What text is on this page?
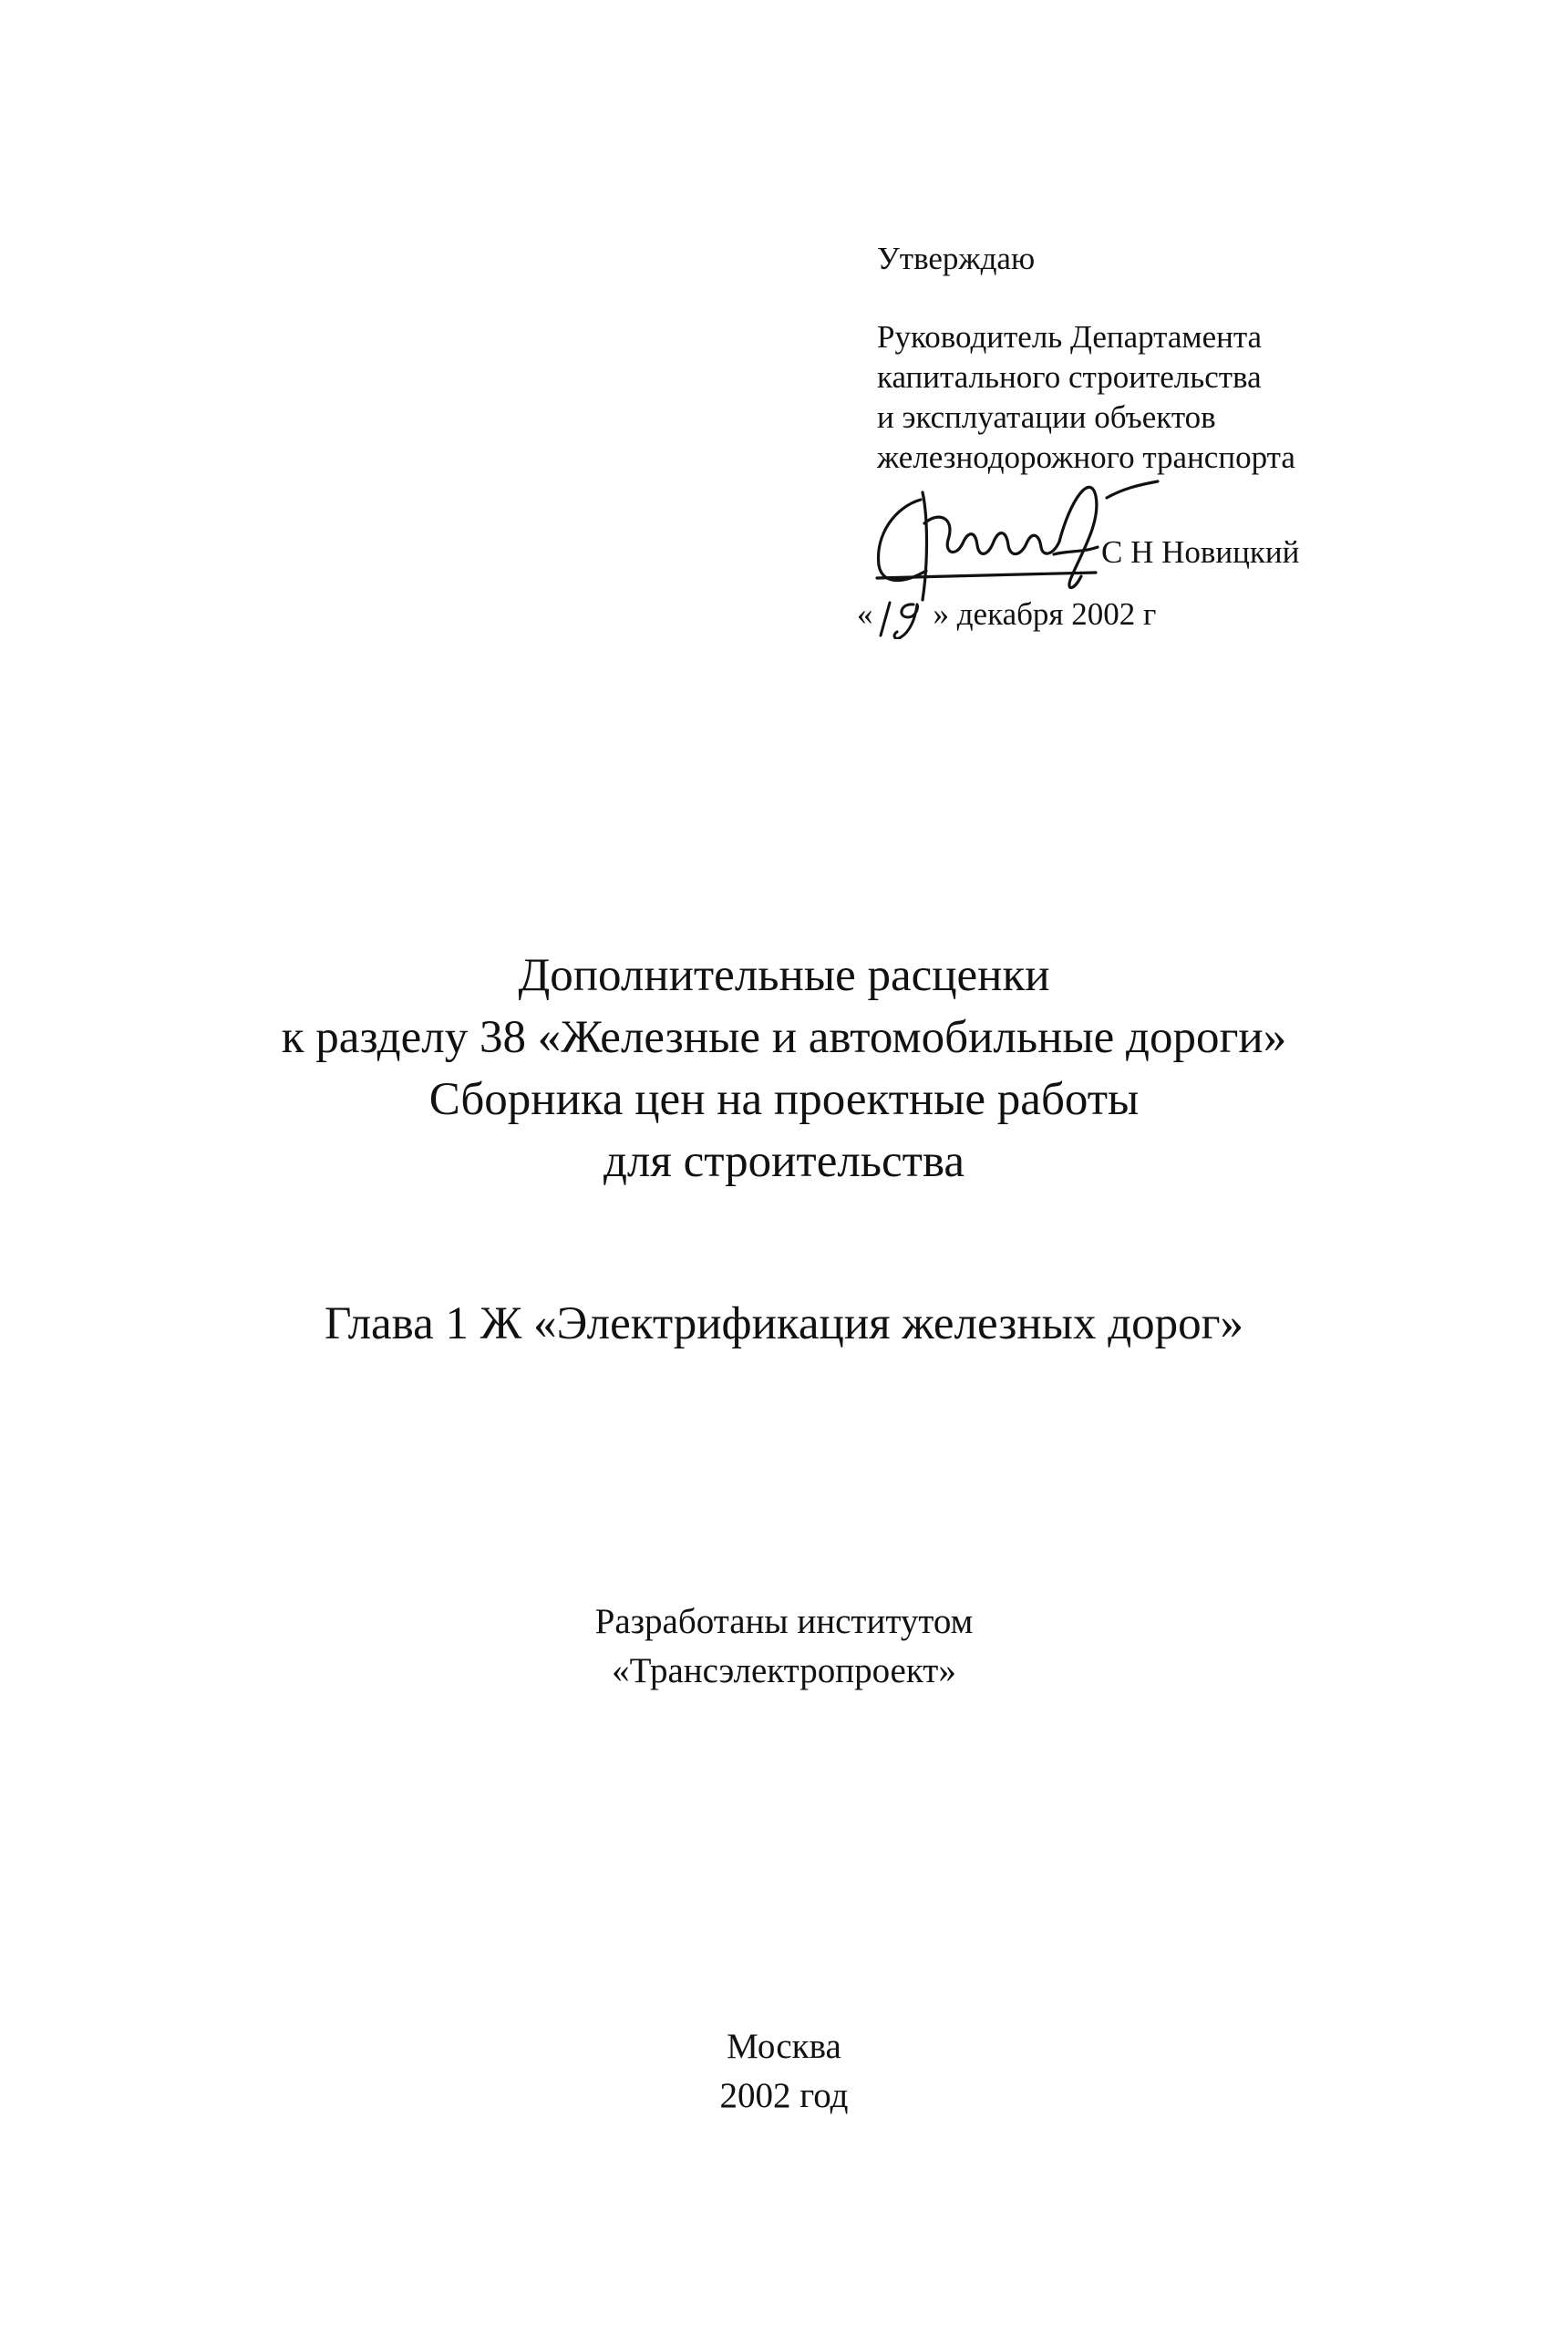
Утверждаю
Руководитель Департамента
капитального строительства
и эксплуатации объектов
железнодорожного транспорта
С Н Новицкий
« » декабря 2002 г
Дополнительные расценки
к разделу 38 «Железные и автомобильные дороги»
Сборника цен на проектные работы
для строительства
Глава 1 Ж «Электрификация железных дорог»
Разработаны институтом
«Трансэлектропроект»
Москва
2002 год
